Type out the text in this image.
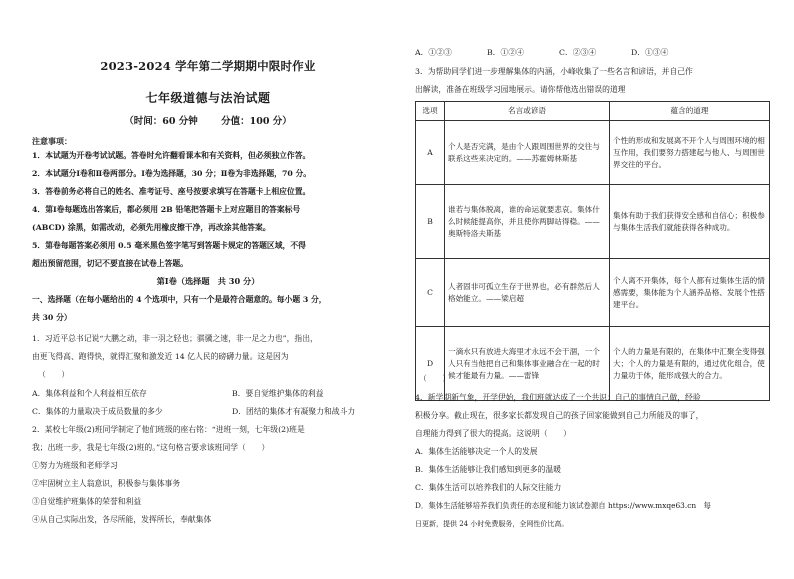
2023-2024 学年第二学期期中限时作业
七年级道德与法治试题
（时间：60 分钟 分值：100 分）
注意事项：
1．本试题为开卷考试试题。答卷时允许翻看课本和有关资料，但必须独立作答。
2．本试题分Ⅰ卷和Ⅱ卷两部分。Ⅰ卷为选择题，30 分；Ⅱ卷为非选择题，70 分。
3．答卷前务必将自己的姓名、准考证号、座号按要求填写在答题卡上相应位置。
4．第Ⅰ卷每题选出答案后，都必须用 2B 铅笔把答题卡上对应题目的答案标号
(ABCD) 涂黑，如需改动，必须先用橡皮擦干净，再改涂其他答案。
5．第卷每题答案必须用 0.5 毫米黑色签字笔写到答题卡规定的答题区域，不得
超出预留范围，切记不要直接在试卷上答题。
第Ⅰ卷（选择题　共 30 分）
一、选择题（在每小题给出的 4 个选项中，只有一个是最符合题意的。每小题 3 分，
共 30 分）
1．习近平总书记说“大鹏之动，非一羽之轻也；骐骥之速，非一足之力也”，指出，
由更飞得高、跑得快，就得汇聚和激发近 14 亿人民的磅礴力量。这是因为
（　　）
A．集体利益和个人利益相互依存	B．要自觉维护集体的利益
C．集体的力量取决于成员数量的多少	D．团结的集体才有凝聚力和战斗力
2．某校七年级(2)班同学制定了他们班级的座右铭：“进班一刻，七年级(2)班是
我；出班一步，我是七年级(2)班的。”这句格言要求该班同学（　　）
①努力为班级和老师学习
②牢固树立主人翁意识，积极参与集体事务
③自觉维护班集体的荣誉和利益
④从自己实际出发，各尽所能，发挥所长，奉献集体
A．①②③	B．①②④	C．②③④	D．①③④
3．为帮助同学们进一步理解集体的内涵，小峰收集了一些名言和谚语，并自己作
出解读，准备在班级学习园地展示。请你帮他选出错误的道理
选项	名言或谚语	蕴含的道理
A	个人是否完满，是由个人跟周围世界的交往与联系这些来决定的。——苏霍姆林斯基	个性的形成和发展离不开个人与周围环境的相互作用，我们要努力搭建起与他人、与周围世界交往的平台。
B	谁若与集体脱离，谁的命运就要悲哀。集体什么时候能提高你，并且使你两脚站得稳。——奥斯特洛夫斯基	集体有助于我们获得安全感和自信心；积极参与集体生活我们就能获得各种成功。
C	人者固非可孤立生存于世界也，必有群然后人格始能立。——梁启超	个人离不开集体，每个人都有过集体生活的情感需要，集体能为个人涵养品格、发展个性搭建平台。
D	一滴水只有放进大海里才永远不会干涸，一个人只有当他把自己和集体事业融合在一起的时候才能最有力量。——雷锋	个人的力量是有限的，在集体中汇聚全变得强大；个人的力量是有限的，通过优化组合，使力量功于体，能形成强大的合力。
（　　）
4．新学期新气象，开学伊始，我们班就达成了一个共识：自己的事情自己做，经验
积极分享。截止现在，很多家长都发现自己的孩子回家能做到自己力所能及的事了，
自理能力得到了很大的提高。这说明（　　）
A．集体生活能够决定一个人的发展
B．集体生活能够让我们感知到更多的温暖
C．集体生活可以培养我们的人际交往能力
D．集体生活能够培养我们负责任的态度和能力该试卷源自 https://www.mxqe63.cn　每
日更新，提供 24 小时免费服务，全网性价比高。
